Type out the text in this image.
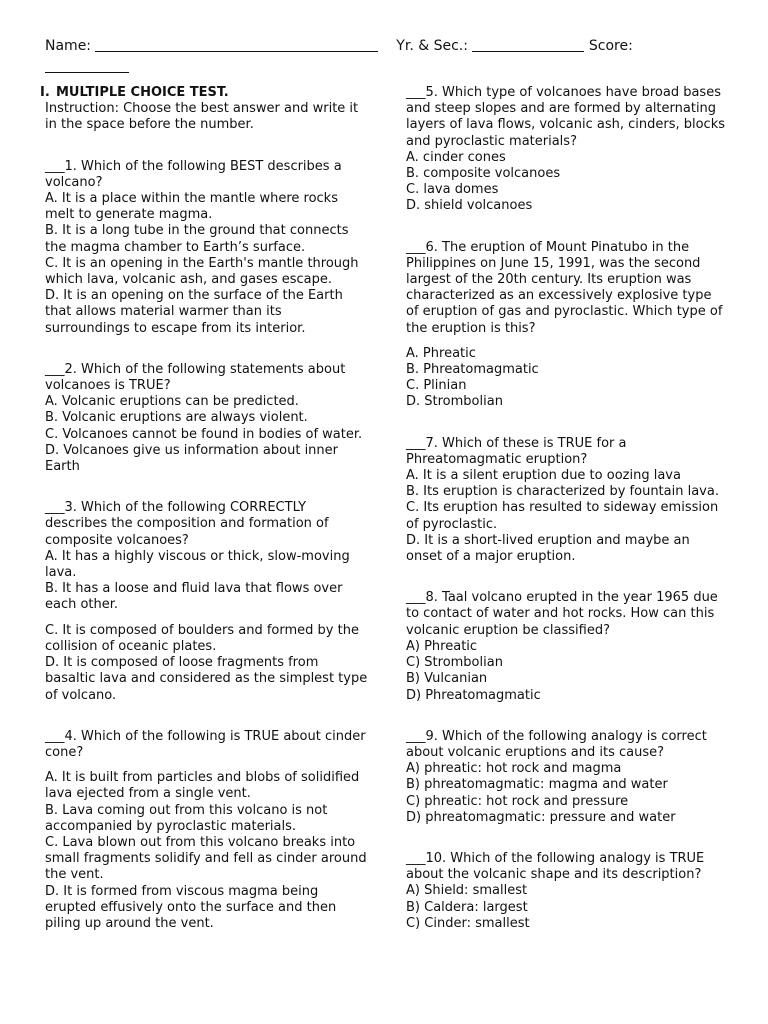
Name:	Yr. & Sec.:	Score:
I. MULTIPLE CHOICE TEST.
Instruction: Choose the best answer and write it in the space before the number.
___1. Which of the following BEST describes a volcano?
A. It is a place within the mantle where rocks melt to generate magma.
B. It is a long tube in the ground that connects the magma chamber to Earth’s surface.
C. It is an opening in the Earth's mantle through which lava, volcanic ash, and gases escape.
D. It is an opening on the surface of the Earth that allows material warmer than its surroundings to escape from its interior.
___2. Which of the following statements about volcanoes is TRUE?
A. Volcanic eruptions can be predicted.
B. Volcanic eruptions are always violent.
C. Volcanoes cannot be found in bodies of water.
D. Volcanoes give us information about inner Earth
___3. Which of the following CORRECTLY describes the composition and formation of composite volcanoes?
A. It has a highly viscous or thick, slow-moving lava.
B. It has a loose and fluid lava that flows over each other.
C. It is composed of boulders and formed by the collision of oceanic plates.
D. It is composed of loose fragments from basaltic lava and considered as the simplest type of volcano.
___4. Which of the following is TRUE about cinder cone?
A. It is built from particles and blobs of solidified lava ejected from a single vent.
B. Lava coming out from this volcano is not accompanied by pyroclastic materials.
C. Lava blown out from this volcano breaks into small fragments solidify and fell as cinder around the vent.
D. It is formed from viscous magma being erupted effusively onto the surface and then piling up around the vent.
___5. Which type of volcanoes have broad bases and steep slopes and are formed by alternating layers of lava flows, volcanic ash, cinders, blocks and pyroclastic materials?
A. cinder cones
B. composite volcanoes
C. lava domes
D. shield volcanoes
___6. The eruption of Mount Pinatubo in the Philippines on June 15, 1991, was the second largest of the 20th century. Its eruption was characterized as an excessively explosive type of eruption of gas and pyroclastic. Which type of the eruption is this?
A. Phreatic
B. Phreatomagmatic
C. Plinian
D. Strombolian
___7. Which of these is TRUE for a Phreatomagmatic eruption?
A. It is a silent eruption due to oozing lava
B. Its eruption is characterized by fountain lava.
C. Its eruption has resulted to sideway emission of pyroclastic.
D. It is a short-lived eruption and maybe an onset of a major eruption.
___8. Taal volcano erupted in the year 1965 due to contact of water and hot rocks. How can this volcanic eruption be classified?
A) Phreatic
C) Strombolian
B) Vulcanian
D) Phreatomagmatic
___9. Which of the following analogy is correct about volcanic eruptions and its cause?
A) phreatic: hot rock and magma
B) phreatomagmatic: magma and water
C) phreatic: hot rock and pressure
D) phreatomagmatic: pressure and water
___10. Which of the following analogy is TRUE about the volcanic shape and its description?
A) Shield: smallest
B) Caldera: largest
C) Cinder: smallest
